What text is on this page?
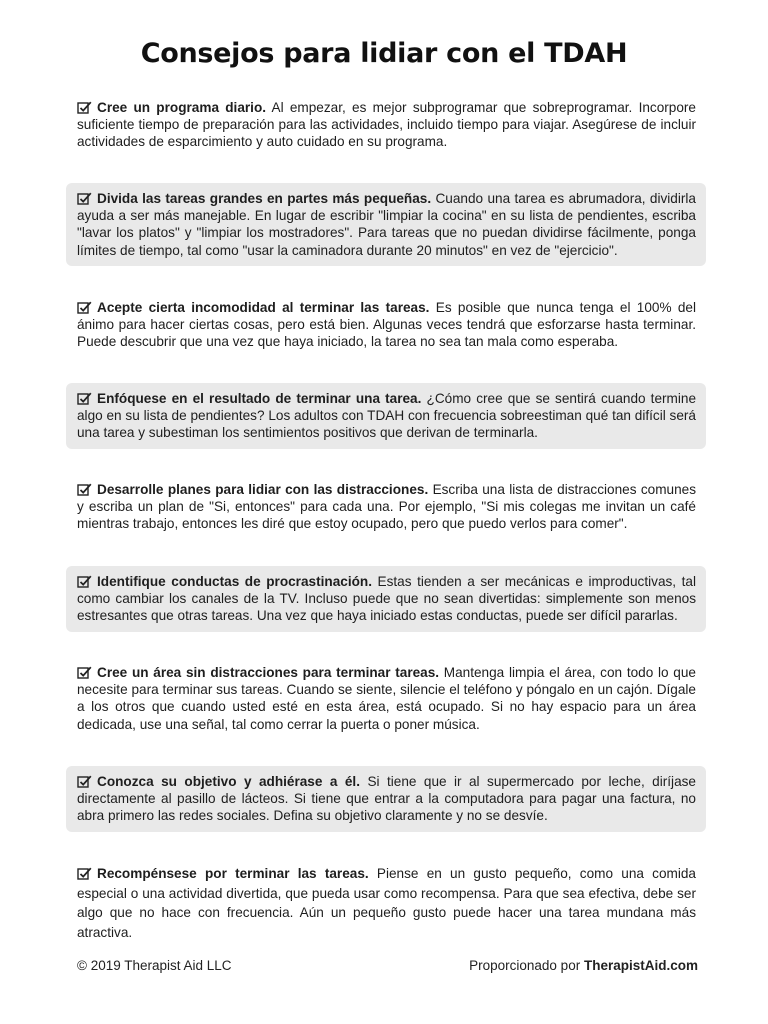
Consejos para lidiar con el TDAH
Cree un programa diario. Al empezar, es mejor subprogramar que sobreprogramar. Incorpore suficiente tiempo de preparación para las actividades, incluido tiempo para viajar. Asegúrese de incluir actividades de esparcimiento y auto cuidado en su programa.
Divida las tareas grandes en partes más pequeñas. Cuando una tarea es abrumadora, dividirla ayuda a ser más manejable. En lugar de escribir "limpiar la cocina" en su lista de pendientes, escriba "lavar los platos" y "limpiar los mostradores". Para tareas que no puedan dividirse fácilmente, ponga límites de tiempo, tal como "usar la caminadora durante 20 minutos" en vez de "ejercicio".
Acepte cierta incomodidad al terminar las tareas. Es posible que nunca tenga el 100% del ánimo para hacer ciertas cosas, pero está bien. Algunas veces tendrá que esforzarse hasta terminar. Puede descubrir que una vez que haya iniciado, la tarea no sea tan mala como esperaba.
Enfóquese en el resultado de terminar una tarea. ¿Cómo cree que se sentirá cuando termine algo en su lista de pendientes? Los adultos con TDAH con frecuencia sobreestiman qué tan difícil será una tarea y subestiman los sentimientos positivos que derivan de terminarla.
Desarrolle planes para lidiar con las distracciones. Escriba una lista de distracciones comunes y escriba un plan de "Si, entonces" para cada una. Por ejemplo, "Si mis colegas me invitan un café mientras trabajo, entonces les diré que estoy ocupado, pero que puedo verlos para comer".
Identifique conductas de procrastinación. Estas tienden a ser mecánicas e improductivas, tal como cambiar los canales de la TV. Incluso puede que no sean divertidas: simplemente son menos estresantes que otras tareas. Una vez que haya iniciado estas conductas, puede ser difícil pararlas.
Cree un área sin distracciones para terminar tareas. Mantenga limpia el área, con todo lo que necesite para terminar sus tareas. Cuando se siente, silencie el teléfono y póngalo en un cajón. Dígale a los otros que cuando usted esté en esta área, está ocupado. Si no hay espacio para un área dedicada, use una señal, tal como cerrar la puerta o poner música.
Conozca su objetivo y adhiérase a él. Si tiene que ir al supermercado por leche, diríjase directamente al pasillo de lácteos. Si tiene que entrar a la computadora para pagar una factura, no abra primero las redes sociales. Defina su objetivo claramente y no se desvíe.
Recompénsese por terminar las tareas. Piense en un gusto pequeño, como una comida especial o una actividad divertida, que pueda usar como recompensa. Para que sea efectiva, debe ser algo que no hace con frecuencia. Aún un pequeño gusto puede hacer una tarea mundana más atractiva.
© 2019 Therapist Aid LLC	Proporcionado por TherapistAid.com
